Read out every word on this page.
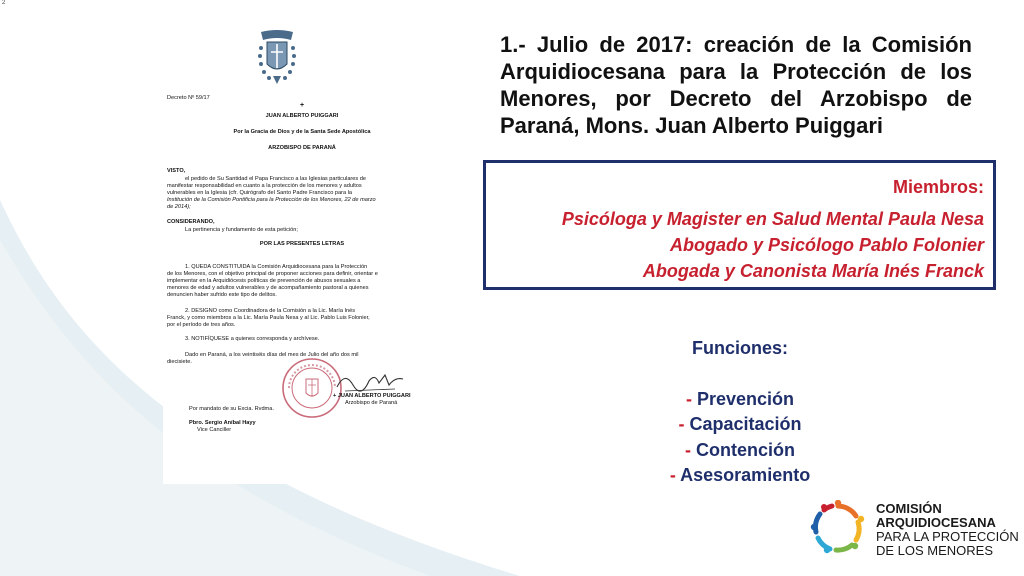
2
Decreto Nº 59/17
+
JUAN ALBERTO PUIGGARI
Por la Gracia de Dios y de la Santa Sede Apostólica
ARZOBISPO DE PARANÁ
VISTO,
el pedido de Su Santidad el Papa Francisco a las Iglesias particulares de
manifestar responsabilidad en cuanto a la protección de los menores y adultos
vulnerables en la Iglesia (cfr. Quirógrafo del Santo Padre Francisco para la
Institución de la Comisión Pontificia para la Protección de los Menores, 22 de marzo
de 2014);
CONSIDERANDO,
La pertinencia y fundamento de esta petición;
POR LAS PRESENTES LETRAS
1. QUEDA CONSTITUIDA la Comisión Arquidiocesana para la Protección
de los Menores, con el objetivo principal de proponer acciones para definir, orientar e
implementar en la Arquidiócesis políticas de prevención de abusos sexuales a
menores de edad y adultos vulnerables y de acompañamiento pastoral a quienes
denuncien haber sufrido este tipo de delitos.
2. DESIGNO como Coordinadora de la Comisión a la Lic. María Inés
Franck, y como miembros a la Lic. María Paula Nesa y al Lic. Pablo Luis Folonier,
por el período de tres años.
3. NOTIFÍQUESE a quienes corresponda y archívese.
Dado en Paraná, a los veintiséis días del mes de Julio del año dos mil
diecisiete.
+ JUAN ALBERTO PUIGGARI
Arzobispo de Paraná
Por mandato de su Excia. Rvdma.
Pbro. Sergio Aníbal Hayy
Vice Canciller
1.- Julio de 2017: creación de la Comisión Arquidiocesana para la Protección de los Menores, por Decreto del Arzobispo de Paraná, Mons. Juan Alberto Puiggari
Miembros:
Psicóloga y Magister en Salud Mental Paula Nesa
Abogado y Psicólogo Pablo Folonier
Abogada y Canonista María Inés Franck
Funciones:
- Prevención
- Capacitación
- Contención
- Asesoramiento
COMISIÓN
ARQUIDIOCESANA
PARA LA PROTECCIÓN
DE LOS MENORES
